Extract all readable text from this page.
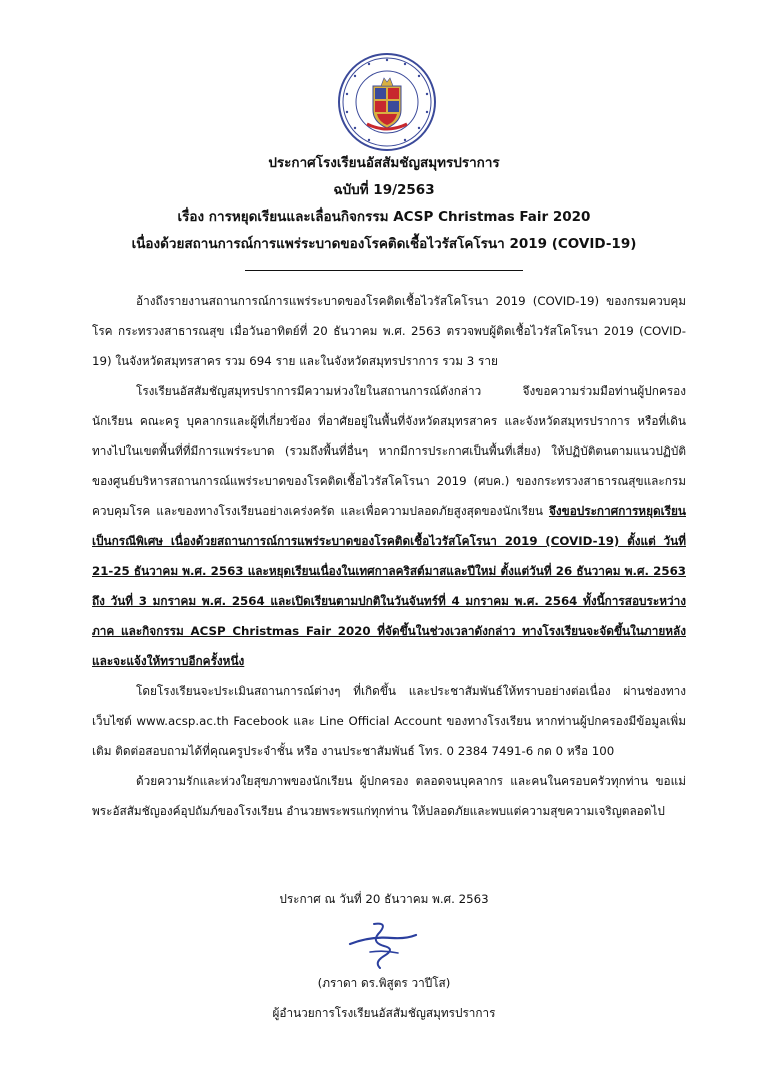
ประกาศโรงเรียนอัสสัมชัญสมุทรปราการ
ฉบับที่ 19/2563
เรื่อง การหยุดเรียนและเลื่อนกิจกรรม ACSP Christmas Fair 2020
เนื่องด้วยสถานการณ์การแพร่ระบาดของโรคติดเชื้อไวรัสโคโรนา 2019 (COVID-19)

อ้างถึงรายงานสถานการณ์การแพร่ระบาดของโรคติดเชื้อไวรัสโคโรนา 2019 (COVID-19) ของกรมควบคุมโรค กระทรวงสาธารณสุข เมื่อวันอาทิตย์ที่ 20 ธันวาคม พ.ศ. 2563 ตรวจพบผู้ติดเชื้อไวรัสโคโรนา 2019 (COVID-19) ในจังหวัดสมุทรสาคร รวม 694 ราย และในจังหวัดสมุทรปราการ รวม 3 ราย

โรงเรียนอัสสัมชัญสมุทรปราการมีความห่วงใยในสถานการณ์ดังกล่าว จึงขอความร่วมมือท่านผู้ปกครอง นักเรียน คณะครู บุคลากรและผู้ที่เกี่ยวข้อง ที่อาศัยอยู่ในพื้นที่จังหวัดสมุทรสาคร และจังหวัดสมุทรปราการ หรือที่เดินทางไปในเขตพื้นที่ที่มีการแพร่ระบาด (รวมถึงพื้นที่อื่นๆ หากมีการประกาศเป็นพื้นที่เสี่ยง) ให้ปฏิบัติตนตามแนวปฏิบัติของศูนย์บริหารสถานการณ์แพร่ระบาดของโรคติดเชื้อไวรัสโคโรนา 2019 (ศบค.) ของกระทรวงสาธารณสุขและกรมควบคุมโรค และของทางโรงเรียนอย่างเคร่งครัด และเพื่อความปลอดภัยสูงสุดของนักเรียน จึงขอประกาศการหยุดเรียนเป็นกรณีพิเศษ เนื่องด้วยสถานการณ์การแพร่ระบาดของโรคติดเชื้อไวรัสโคโรนา 2019 (COVID-19) ตั้งแต่ วันที่ 21-25 ธันวาคม พ.ศ. 2563 และหยุดเรียนเนื่องในเทศกาลคริสต์มาสและปีใหม่ ตั้งแต่วันที่ 26 ธันวาคม พ.ศ. 2563 ถึง วันที่ 3 มกราคม พ.ศ. 2564 และเปิดเรียนตามปกติในวันจันทร์ที่ 4 มกราคม พ.ศ. 2564 ทั้งนี้การสอบระหว่างภาค และกิจกรรม ACSP Christmas Fair 2020 ที่จัดขึ้นในช่วงเวลาดังกล่าว ทางโรงเรียนจะจัดขึ้นในภายหลัง และจะแจ้งให้ทราบอีกครั้งหนึ่ง

โดยโรงเรียนจะประเมินสถานการณ์ต่างๆ ที่เกิดขึ้น และประชาสัมพันธ์ให้ทราบอย่างต่อเนื่อง ผ่านช่องทางเว็บไซต์ www.acsp.ac.th Facebook และ Line Official Account ของทางโรงเรียน หากท่านผู้ปกครองมีข้อมูลเพิ่มเติม ติดต่อสอบถามได้ที่คุณครูประจำชั้น หรือ งานประชาสัมพันธ์ โทร. 0 2384 7491-6 กด 0 หรือ 100

ด้วยความรักและห่วงใยสุขภาพของนักเรียน ผู้ปกครอง ตลอดจนบุคลากร และคนในครอบครัวทุกท่าน ขอแม่พระอัสสัมชัญองค์อุปถัมภ์ของโรงเรียน อำนวยพระพรแก่ทุกท่าน ให้ปลอดภัยและพบแต่ความสุขความเจริญตลอดไป

ประกาศ ณ วันที่ 20 ธันวาคม พ.ศ. 2563
(ภราดา ดร.พิสูตร วาปีโส)
ผู้อำนวยการโรงเรียนอัสสัมชัญสมุทรปราการ
